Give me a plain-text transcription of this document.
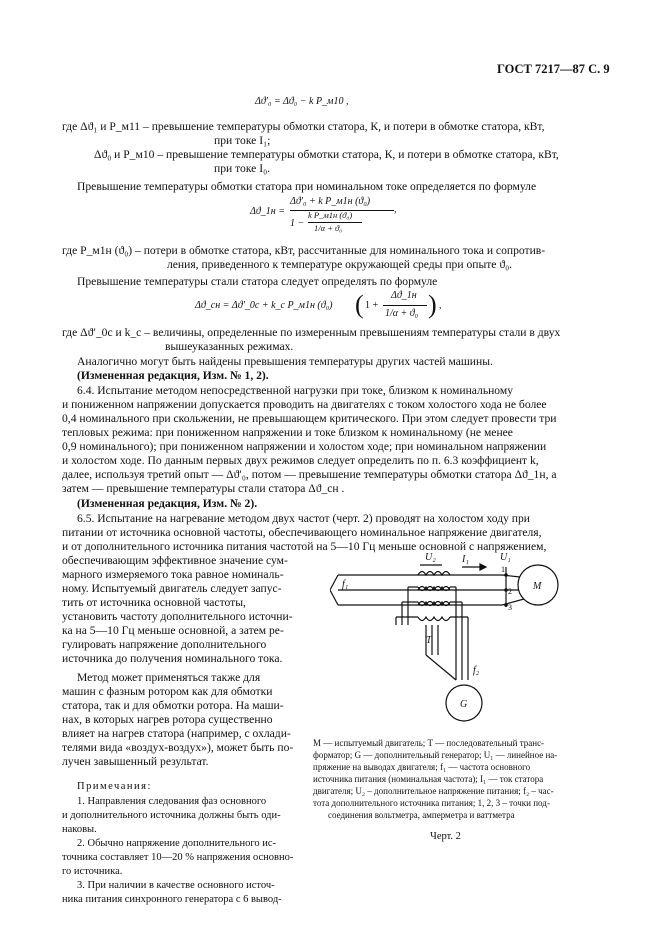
ГОСТ 7217—87 С. 9
Δϑ′₀ = Δϑ₀ − k P_м10 ,
где Δϑ₁ и P_м11 – превышение температуры обмотки статора, К, и потери в обмотке статора, кВт,
при токе I₁;
Δϑ₀ и P_м10 – превышение температуры обмотки статора, К, и потери в обмотке статора, кВт,
при токе I₀.
Превышение температуры обмотки статора при номинальном токе определяется по формуле
Δϑ_1н =
Δϑ′₀ + k P_м1н (ϑ₀)
1 −
k P_м1н (ϑ₀)
1/α + ϑ₀
,
где P_м1н (ϑ₀) – потери в обмотке статора, кВт, рассчитанные для номинального тока и сопротив-
ления, приведенного к температуре окружающей среды при опыте ϑ₀.
Превышение температуры стали статора следует определять по формуле
Δϑ_сн = Δϑ′_0с + k_c P_м1н (ϑ₀) ( 1 +
Δϑ_1н
1/α + ϑ₀ ) ,
где Δϑ′_0с и k_c – величины, определенные по измеренным превышениям температуры стали в двух
вышеуказанных режимах.
Аналогично могут быть найдены превышения температуры других частей машины.
(Измененная редакция, Изм. № 1, 2).
6.4. Испытание методом непосредственной нагрузки при токе, близком к номинальному
и пониженном напряжении допускается проводить на двигателях с током холостого хода не более
0,4 номинального при скольжении, не превышающем критического. При этом следует провести три
тепловых режима: при пониженном напряжении и токе близком к номинальному (не менее
0,9 номинального); при пониженном напряжении и холостом ходе; при номинальном напряжении
и холостом ходе. По данным первых двух режимов следует определить по п. 6.3 коэффициент k,
далее, используя третий опыт — Δϑ′₀, потом — превышение температуры обмотки статора Δϑ_1н, а
затем — превышение температуры стали статора Δϑ_сн .
(Измененная редакция, Изм. № 2).
6.5. Испытание на нагревание методом двух частот (черт. 2) проводят на холостом ходу при
питании от источника основной частоты, обеспечивающего номинальное напряжение двигателя,
и от дополнительного источника питания частотой на 5—10 Гц меньше основной с напряжением,
обеспечивающим эффективное значение сум-
марного измеряемого тока равное номиналь-
ному. Испытуемый двигатель следует запус-
тить от источника основной частоты,
установить частоту дополнительного источни-
ка на 5—10 Гц меньше основной, а затем ре-
гулировать напряжение дополнительного
источника до получения номинального тока.
Метод может применяться также для
машин с фазным ротором как для обмотки
статора, так и для обмотки ротора. На маши-
нах, в которых нагрев ротора существенно
влияет на нагрев статора (например, с охлади-
телями вида «воздух-воздух»), может быть по-
лучен завышенный результат.
Примечания:
1. Направления следования фаз основного
и дополнительного источника должны быть оди-
наковы.
2. Обычно напряжение дополнительного ис-
точника составляет 10—20 % напряжения основно-
го источника.
3. При наличии в качестве основного источ-
ника питания синхронного генератора с 6 вывод-
U₂	I₁	U₁
f₁
f₂
T
M
G
1
2
3
M — испытуемый двигатель; T — последовательный транс-
форматор; G — дополнительный генератор; U₁ — линейное на-
пряжение на выводах двигателя; f₁ — частота основного
источника питания (номинальная частота); I₁ — ток статора
двигателя; U₂ – дополнительное напряжение питания; f₂ – час-
тота дополнительного источника питания; 1, 2, 3 – точки под-
соединения вольтметра, амперметра и ваттметра
Черт. 2
